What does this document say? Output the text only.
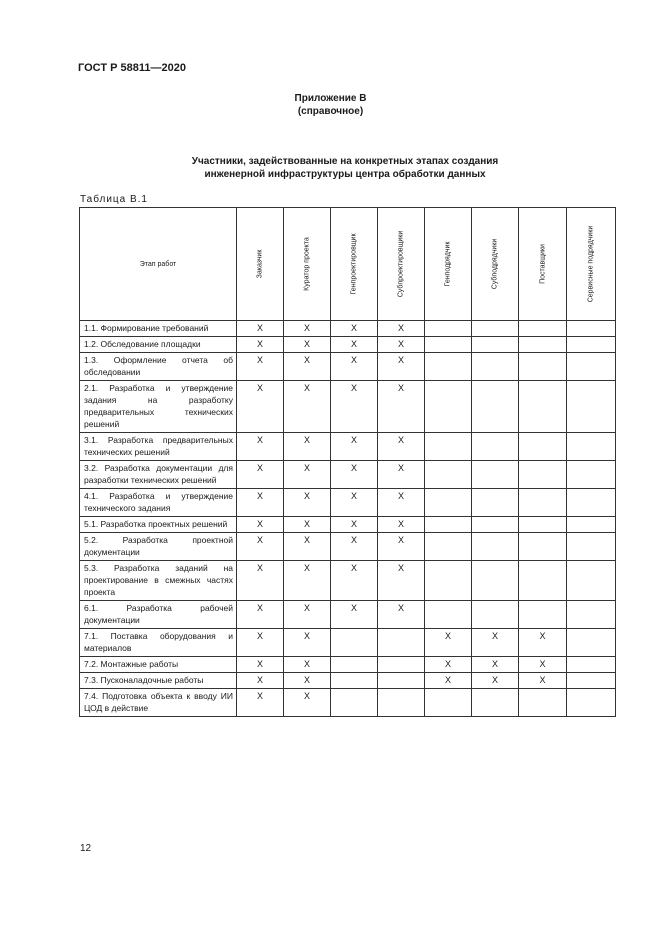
ГОСТ Р 58811—2020
Приложение В
(справочное)
Участники, задействованные на конкретных этапах создания
инженерной инфраструктуры центра обработки данных
Таблица В.1
Этап работ	Заказчик	Куратор проекта	Генпроектировщик	Субпроектировщики	Генподрядчик	Субподрядчики	Поставщики	Сервисные подрядчики

1.1. Формирование требований	X	X	X	X				
1.2. Обследование площадки	X	X	X	X				
1.3. Оформление отчета об обследовании	X	X	X	X				
2.1. Разработка и утверждение задания на разработку предварительных технических решений	X	X	X	X				
3.1. Разработка предварительных технических решений	X	X	X	X				
3.2. Разработка документации для разработки технических решений	X	X	X	X				
4.1. Разработка и утверждение технического задания	X	X	X	X				
5.1. Разработка проектных решений	X	X	X	X				
5.2. Разработка проектной документации	X	X	X	X				
5.3. Разработка заданий на проектирование в смежных частях проекта	X	X	X	X				
6.1. Разработка рабочей документации	X	X	X	X				
7.1. Поставка оборудования и материалов	X	X			X	X	X	
7.2. Монтажные работы	X	X			X	X	X	
7.3. Пусконаладочные работы	X	X			X	X	X	
7.4. Подготовка объекта к вводу ИИ ЦОД в действие	X	X						
12
